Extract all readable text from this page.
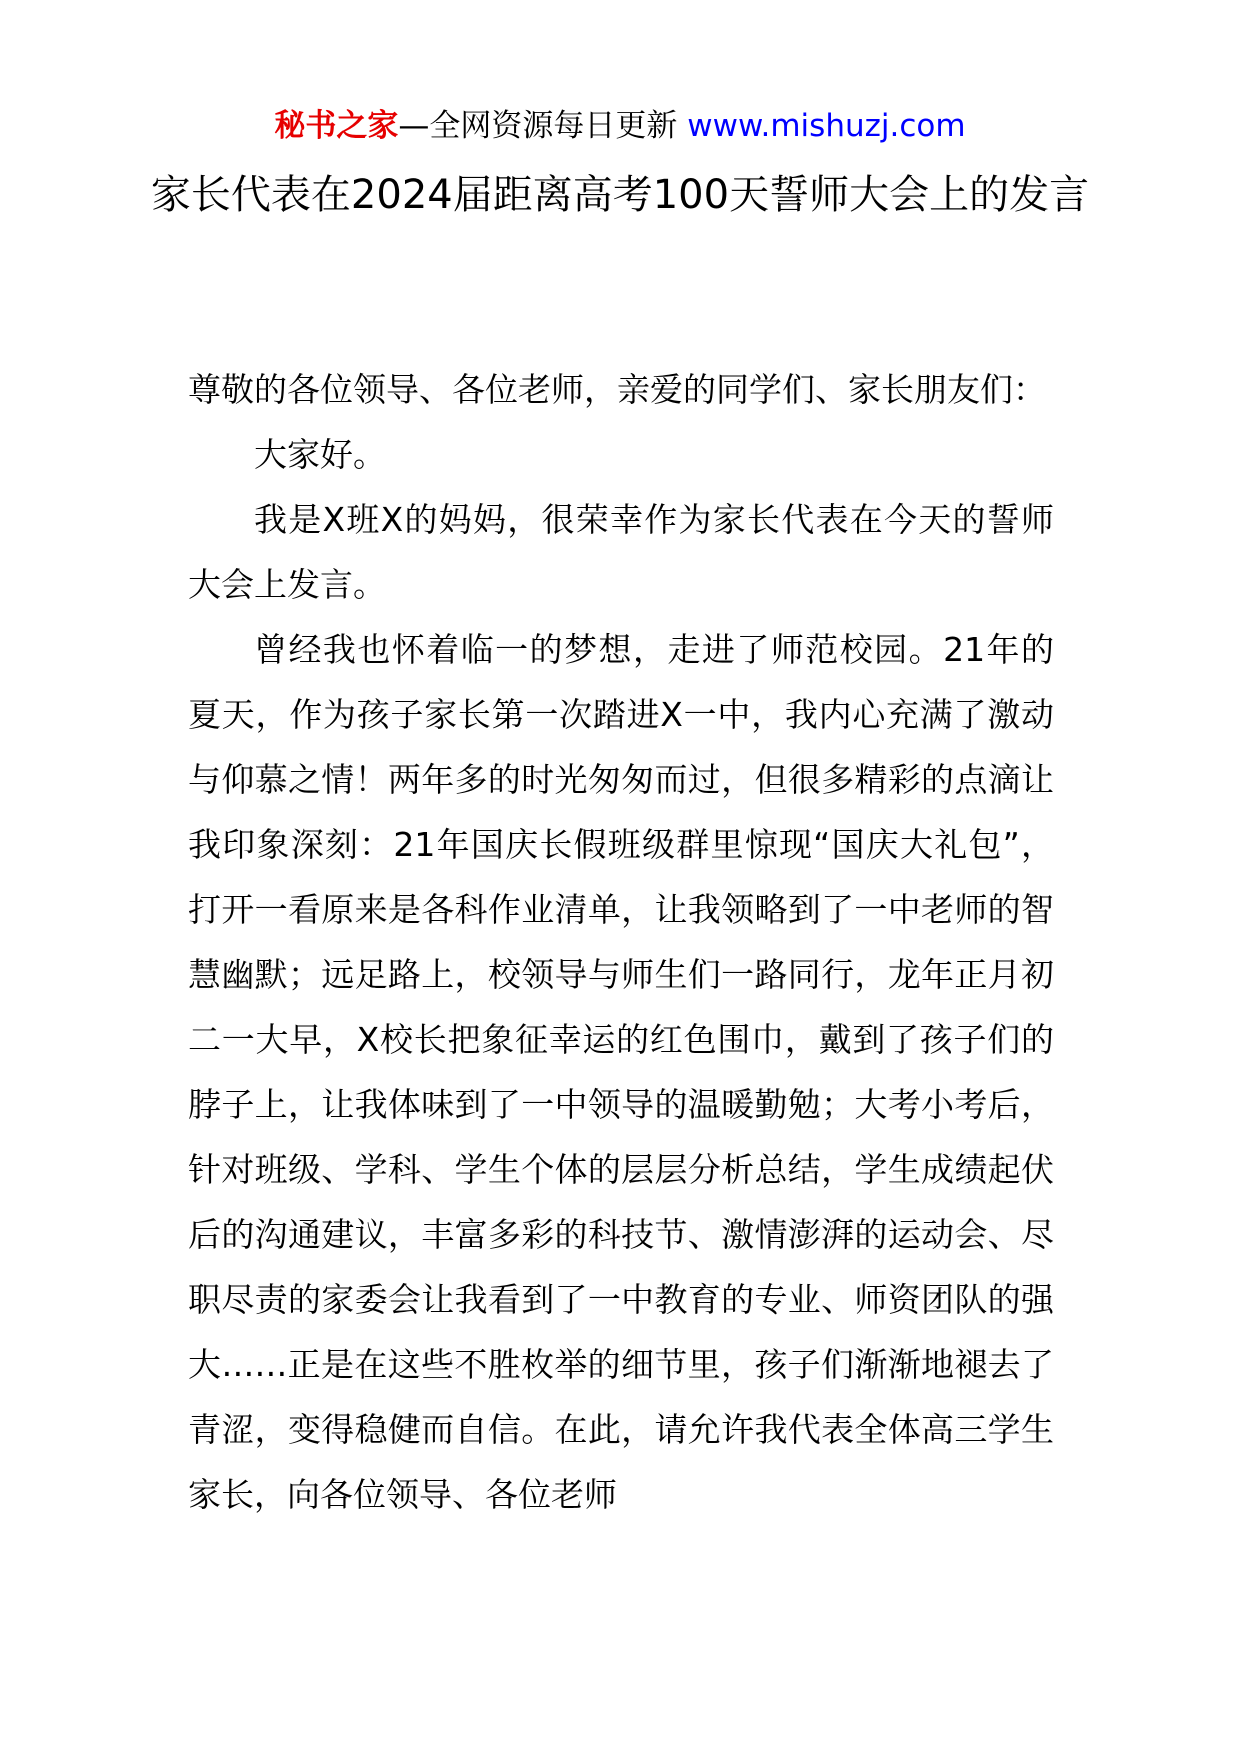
秘书之家—全网资源每日更新 www.mishuzj.com
家长代表在2024届距离高考100天誓师大会上的发言

尊敬的各位领导、各位老师，亲爱的同学们、家长朋友们：

大家好。

我是X班X的妈妈，很荣幸作为家长代表在今天的誓师大会上发言。

曾经我也怀着临一的梦想，走进了师范校园。21年的夏天，作为孩子家长第一次踏进X一中，我内心充满了激动与仰慕之情！两年多的时光匆匆而过，但很多精彩的点滴让我印象深刻：21年国庆长假班级群里惊现“国庆大礼包”，打开一看原来是各科作业清单，让我领略到了一中老师的智慧幽默；远足路上，校领导与师生们一路同行，龙年正月初二一大早，X校长把象征幸运的红色围巾，戴到了孩子们的脖子上，让我体味到了一中领导的温暖勤勉；大考小考后，针对班级、学科、学生个体的层层分析总结，学生成绩起伏后的沟通建议，丰富多彩的科技节、激情澎湃的运动会、尽职尽责的家委会让我看到了一中教育的专业、师资团队的强大……正是在这些不胜枚举的细节里，孩子们渐渐地褪去了青涩，变得稳健而自信。在此，请允许我代表全体高三学生家长，向各位领导、各位老师
